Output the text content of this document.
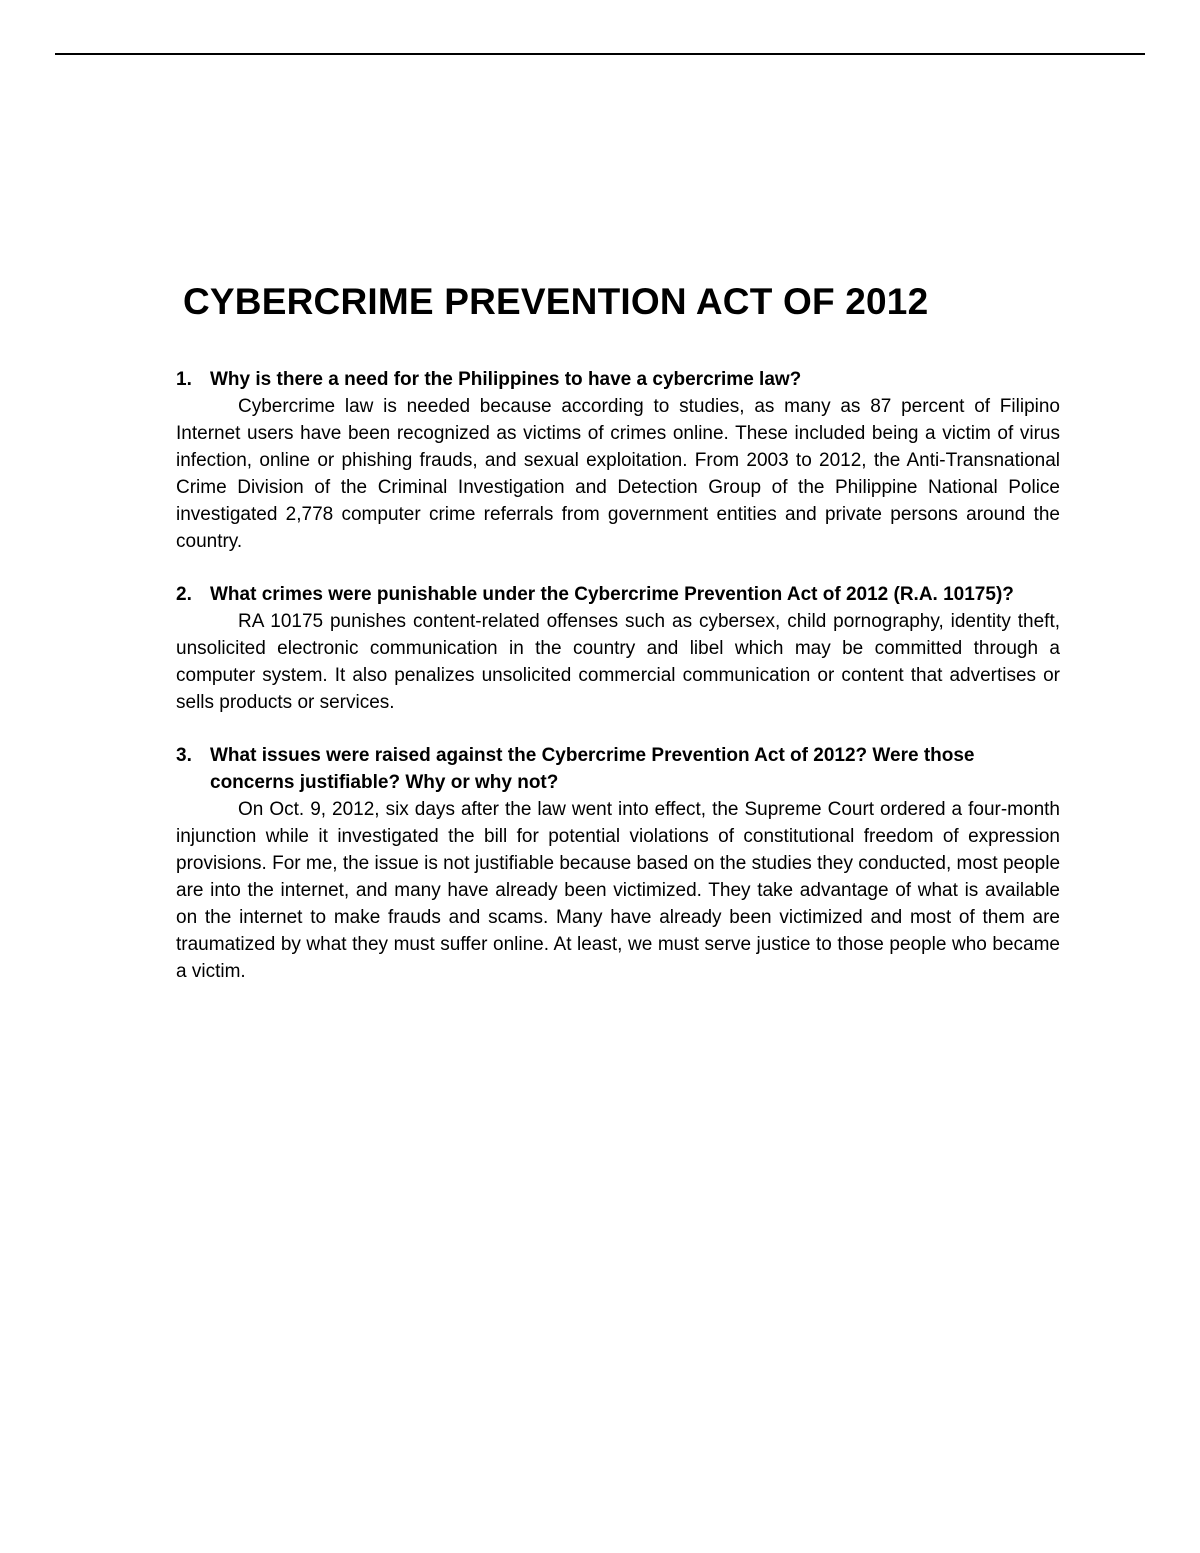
CYBERCRIME PREVENTION ACT OF 2012
1. Why is there a need for the Philippines to have a cybercrime law?

Cybercrime law is needed because according to studies, as many as 87 percent of Filipino Internet users have been recognized as victims of crimes online. These included being a victim of virus infection, online or phishing frauds, and sexual exploitation. From 2003 to 2012, the Anti-Transnational Crime Division of the Criminal Investigation and Detection Group of the Philippine National Police investigated 2,778 computer crime referrals from government entities and private persons around the country.

2. What crimes were punishable under the Cybercrime Prevention Act of 2012 (R.A. 10175)?

RA 10175 punishes content-related offenses such as cybersex, child pornography, identity theft, unsolicited electronic communication in the country and libel which may be committed through a computer system. It also penalizes unsolicited commercial communication or content that advertises or sells products or services.

3. What issues were raised against the Cybercrime Prevention Act of 2012? Were those concerns justifiable? Why or why not?

On Oct. 9, 2012, six days after the law went into effect, the Supreme Court ordered a four-month injunction while it investigated the bill for potential violations of constitutional freedom of expression provisions. For me, the issue is not justifiable because based on the studies they conducted, most people are into the internet, and many have already been victimized. They take advantage of what is available on the internet to make frauds and scams. Many have already been victimized and most of them are traumatized by what they must suffer online. At least, we must serve justice to those people who became a victim.
